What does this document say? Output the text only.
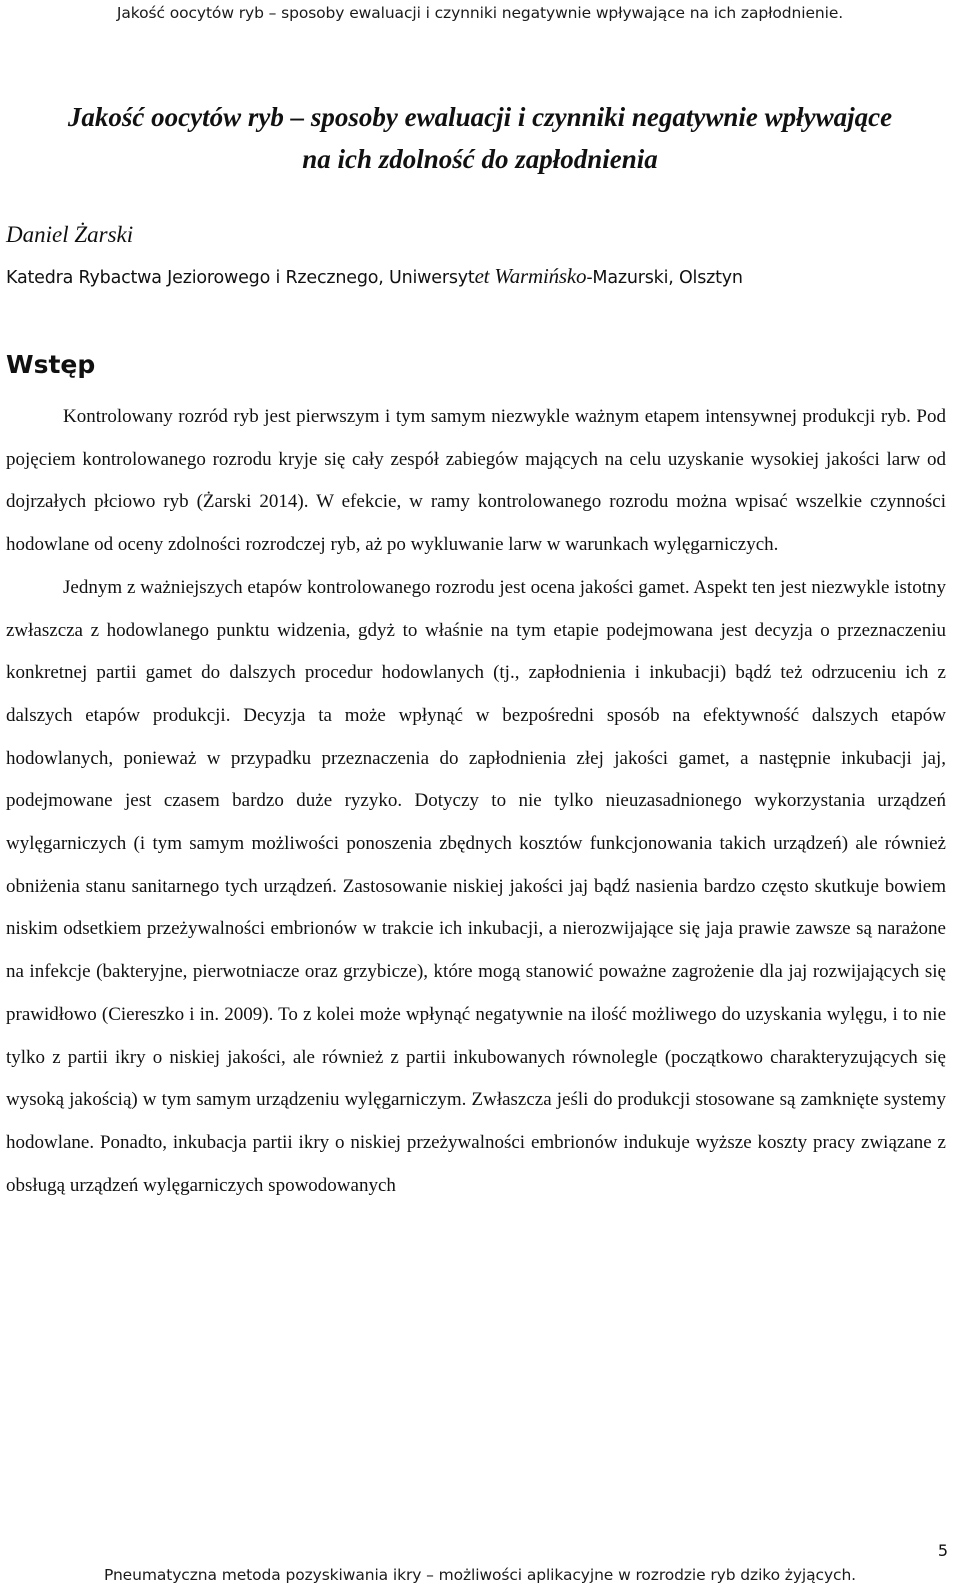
Jakość oocytów ryb – sposoby ewaluacji i czynniki negatywnie wpływające na ich zapłodnienie.
Jakość oocytów ryb – sposoby ewaluacji i czynniki negatywnie wpływające
na ich zdolność do zapłodnienia

Daniel Żarski

Katedra Rybactwa Jeziorowego i Rzecznego, Uniwersytet Warmińsko-Mazurski, Olsztyn

Wstęp

Kontrolowany rozród ryb jest pierwszym i tym samym niezwykle ważnym etapem intensywnej produkcji ryb. Pod pojęciem kontrolowanego rozrodu kryje się cały zespół zabiegów mających na celu uzyskanie wysokiej jakości larw od dojrzałych płciowo ryb (Żarski 2014). W efekcie, w ramy kontrolowanego rozrodu można wpisać wszelkie czynności hodowlane od oceny zdolności rozrodczej ryb, aż po wykluwanie larw w warunkach wylęgarniczych.

Jednym z ważniejszych etapów kontrolowanego rozrodu jest ocena jakości gamet. Aspekt ten jest niezwykle istotny zwłaszcza z hodowlanego punktu widzenia, gdyż to właśnie na tym etapie podejmowana jest decyzja o przeznaczeniu konkretnej partii gamet do dalszych procedur hodowlanych (tj., zapłodnienia i inkubacji) bądź też odrzuceniu ich z dalszych etapów produkcji. Decyzja ta może wpłynąć w bezpośredni sposób na efektywność dalszych etapów hodowlanych, ponieważ w przypadku przeznaczenia do zapłodnienia złej jakości gamet, a następnie inkubacji jaj, podejmowane jest czasem bardzo duże ryzyko. Dotyczy to nie tylko nieuzasadnionego wykorzystania urządzeń wylęgarniczych (i tym samym możliwości ponoszenia zbędnych kosztów funkcjonowania takich urządzeń) ale również obniżenia stanu sanitarnego tych urządzeń. Zastosowanie niskiej jakości jaj bądź nasienia bardzo często skutkuje bowiem niskim odsetkiem przeżywalności embrionów w trakcie ich inkubacji, a nierozwijające się jaja prawie zawsze są narażone na infekcje (bakteryjne, pierwotniacze oraz grzybicze), które mogą stanowić poważne zagrożenie dla jaj rozwijających się prawidłowo (Ciereszko i in. 2009). To z kolei może wpłynąć negatywnie na ilość możliwego do uzyskania wylęgu, i to nie tylko z partii ikry o niskiej jakości, ale również z partii inkubowanych równolegle (początkowo charakteryzujących się wysoką jakością) w tym samym urządzeniu wylęgarniczym. Zwłaszcza jeśli do produkcji stosowane są zamknięte systemy hodowlane. Ponadto, inkubacja partii ikry o niskiej przeżywalności embrionów indukuje wyższe koszty pracy związane z obsługą urządzeń wylęgarniczych spowodowanych

5
Pneumatyczna metoda pozyskiwania ikry – możliwości aplikacyjne w rozrodzie ryb dziko żyjących.
